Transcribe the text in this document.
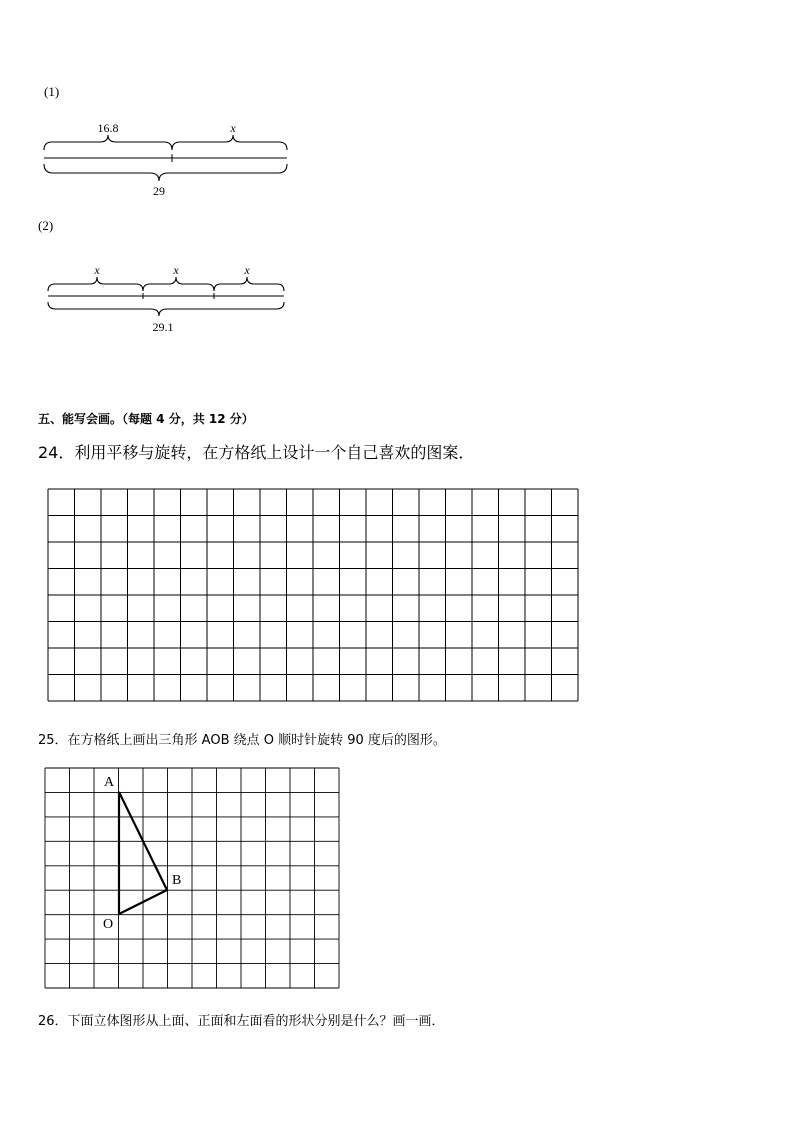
(1)
16.8	x
29
(2)
x	x	x
29.1
五、能写会画。（每题 4 分，共 12 分）
24．利用平移与旋转，在方格纸上设计一个自己喜欢的图案．
25．在方格纸上画出三角形 AOB 绕点 O 顺时针旋转 90 度后的图形。
A
B
O
26．下面立体图形从上面、正面和左面看的形状分别是什么？画一画．
